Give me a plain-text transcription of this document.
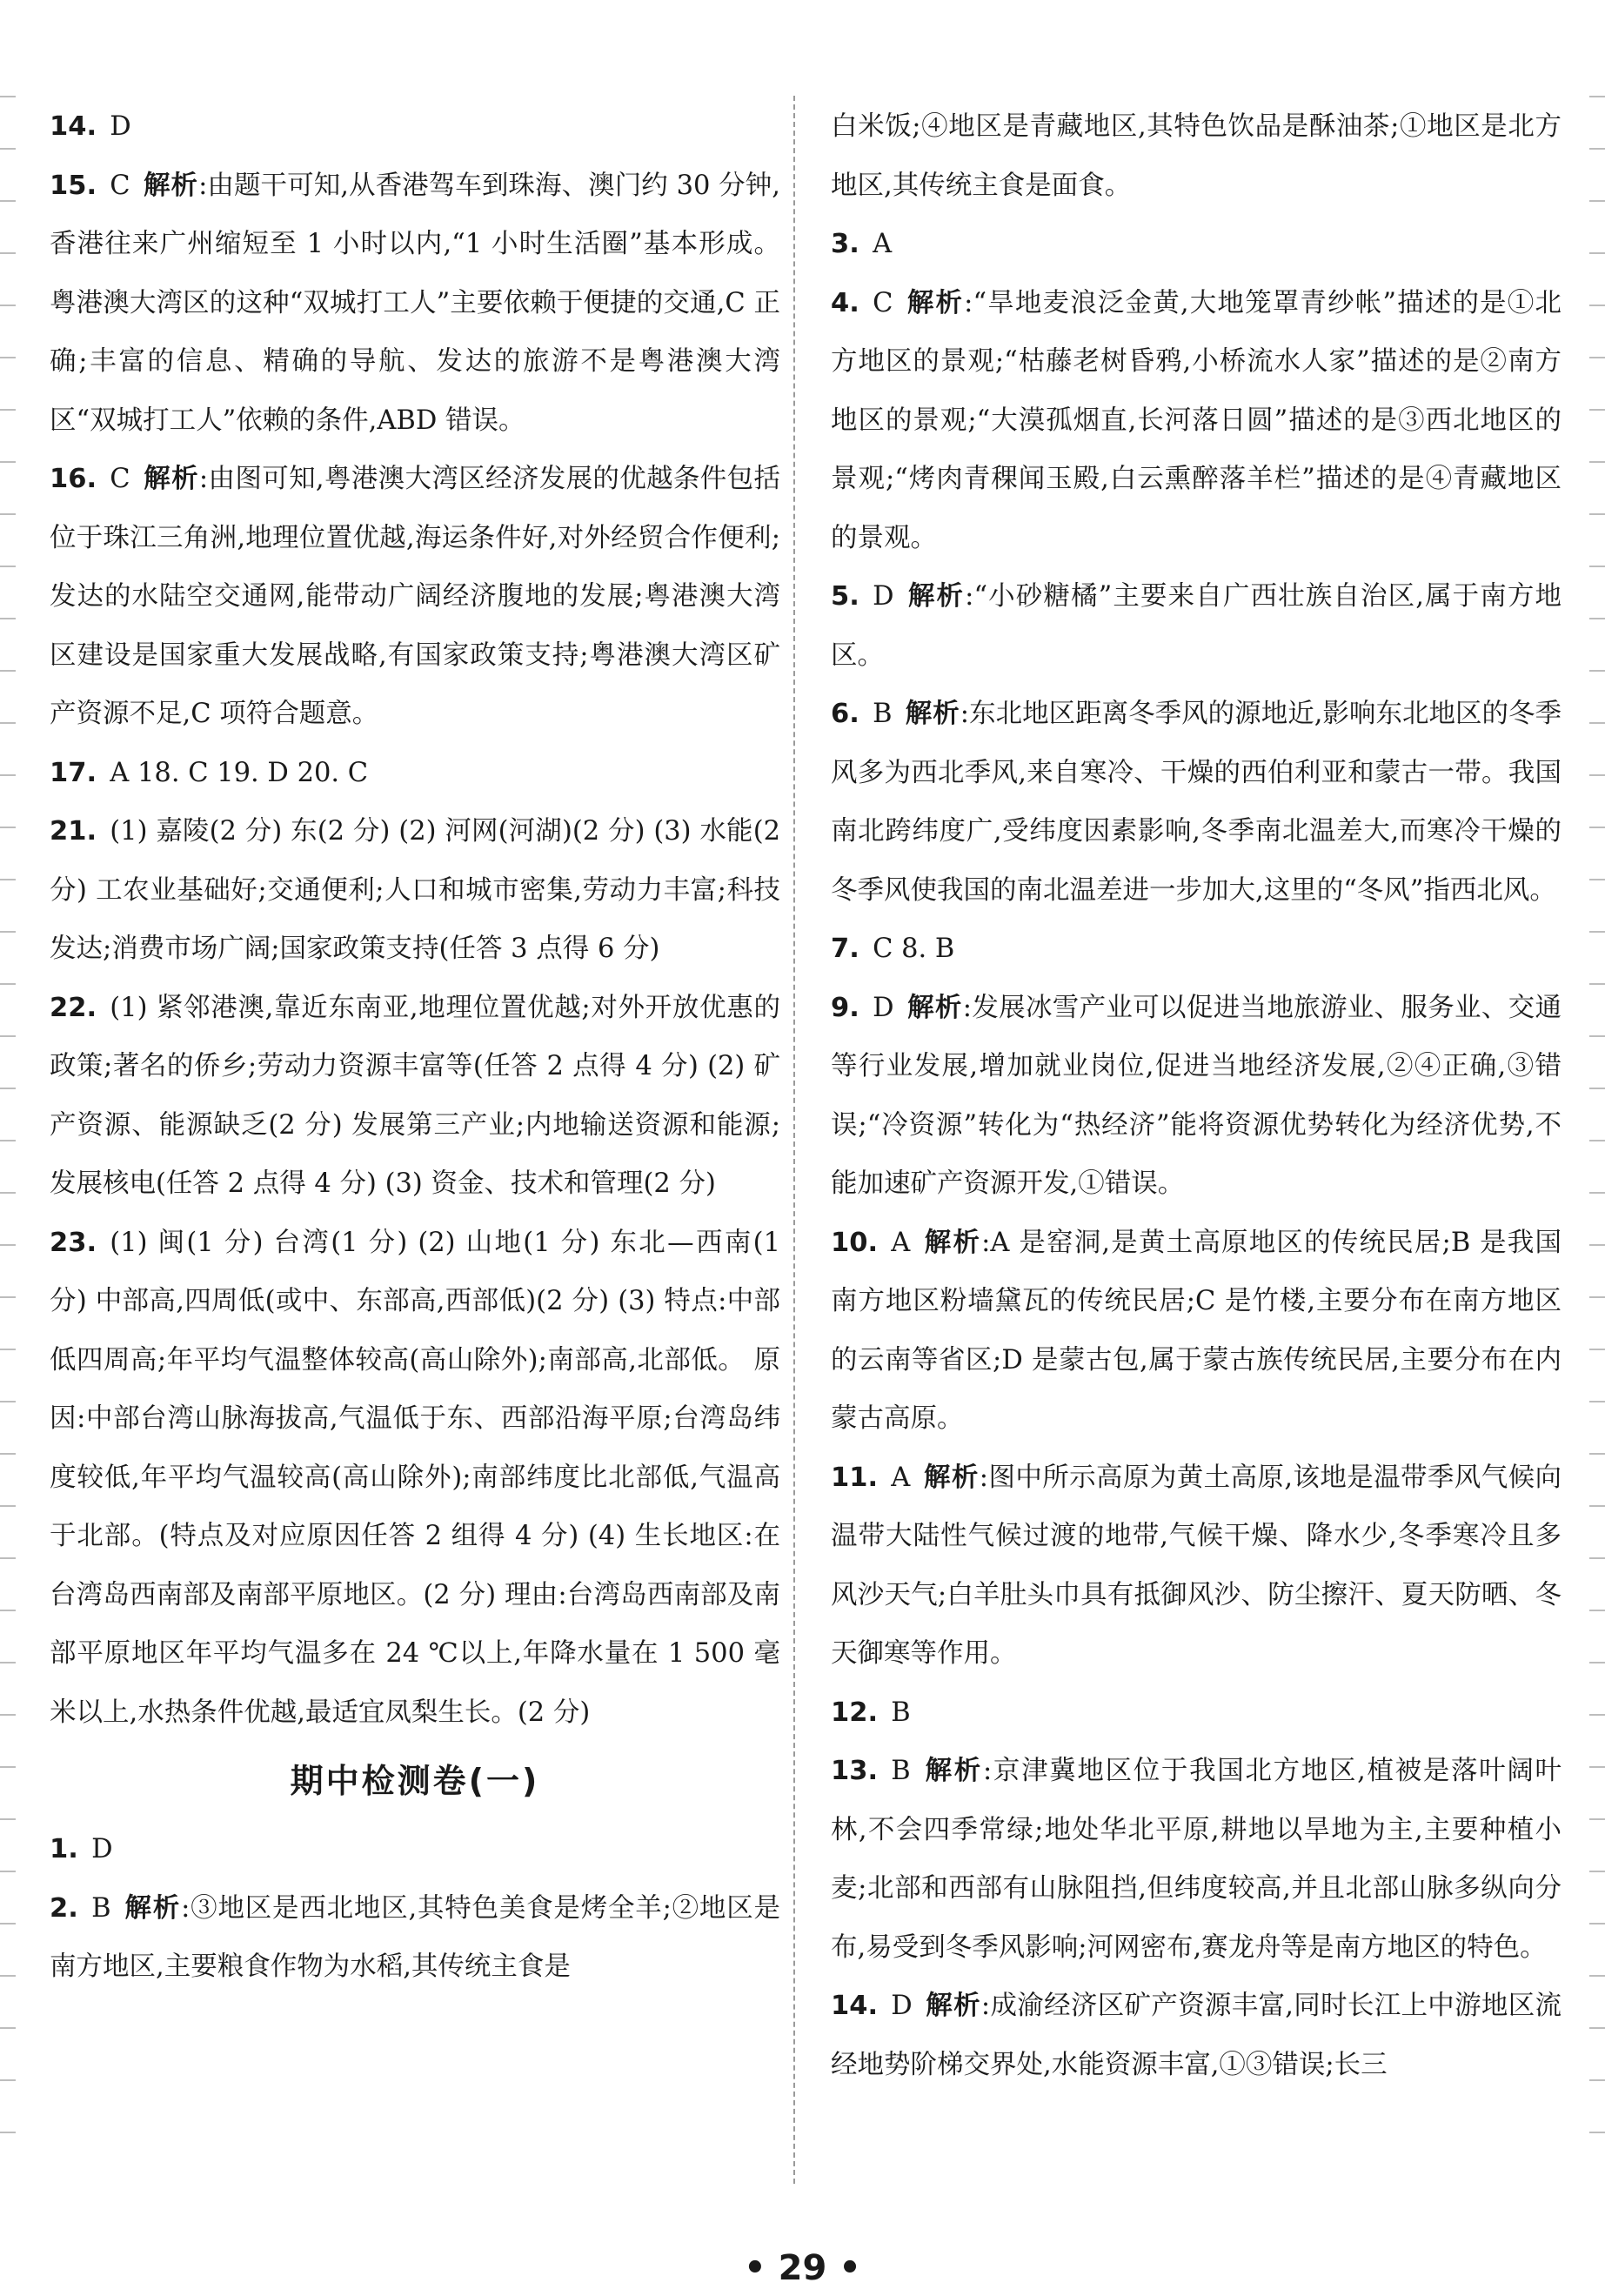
14.  D 

15.  C  解析:由题干可知,从香港驾车到珠海、澳门约 30 分钟,香港往来广州缩短至 1 小时以内,“1 小时生活圈”基本形成。粤港澳大湾区的这种“双城打工人”主要依赖于便捷的交通,C 正确;丰富的信息、精确的导航、发达的旅游不是粤港澳大湾区“双城打工人”依赖的条件,ABD 错误。

16.  C  解析:由图可知,粤港澳大湾区经济发展的优越条件包括位于珠江三角洲,地理位置优越,海运条件好,对外经贸合作便利;发达的水陆空交通网,能带动广阔经济腹地的发展;粤港澳大湾区建设是国家重大发展战略,有国家政策支持;粤港澳大湾区矿产资源不足,C 项符合题意。

17.  A 18. C 19. D 20. C 

21.  (1) 嘉陵(2 分) 东(2 分) (2) 河网(河湖)(2 分) (3) 水能(2 分) 工农业基础好;交通便利;人口和城市密集,劳动力丰富;科技发达;消费市场广阔;国家政策支持(任答 3 点得 6 分)

22.  (1) 紧邻港澳,靠近东南亚,地理位置优越;对外开放优惠的政策;著名的侨乡;劳动力资源丰富等(任答 2 点得 4 分) (2) 矿产资源、能源缺乏(2 分) 发展第三产业;内地输送资源和能源;发展核电(任答 2 点得 4 分) (3) 资金、技术和管理(2 分)

23.  (1) 闽(1 分) 台湾(1 分) (2) 山地(1 分) 东北—西南(1 分) 中部高,四周低(或中、东部高,西部低)(2 分) (3) 特点:中部低四周高;年平均气温整体较高(高山除外);南部高,北部低。 原因:中部台湾山脉海拔高,气温低于东、西部沿海平原;台湾岛纬度较低,年平均气温较高(高山除外);南部纬度比北部低,气温高于北部。(特点及对应原因任答 2 组得 4 分) (4) 生长地区:在台湾岛西南部及南部平原地区。(2 分) 理由:台湾岛西南部及南部平原地区年平均气温多在 24 ℃以上,年降水量在 1 500 毫米以上,水热条件优越,最适宜凤梨生长。(2 分)

期中检测卷(一)

1.  D 

2.  B  解析:③地区是西北地区,其特色美食是烤全羊;②地区是南方地区,主要粮食作物为水稻,其传统主食是

白米饭;④地区是青藏地区,其特色饮品是酥油茶;①地区是北方地区,其传统主食是面食。

3.  A 

4.  C  解析:“旱地麦浪泛金黄,大地笼罩青纱帐”描述的是①北方地区的景观;“枯藤老树昏鸦,小桥流水人家”描述的是②南方地区的景观;“大漠孤烟直,长河落日圆”描述的是③西北地区的景观;“烤肉青稞闻玉殿,白云熏醉落羊栏”描述的是④青藏地区的景观。

5.  D  解析:“小砂糖橘”主要来自广西壮族自治区,属于南方地区。

6.  B  解析:东北地区距离冬季风的源地近,影响东北地区的冬季风多为西北季风,来自寒冷、干燥的西伯利亚和蒙古一带。我国南北跨纬度广,受纬度因素影响,冬季南北温差大,而寒冷干燥的冬季风使我国的南北温差进一步加大,这里的“冬风”指西北风。

7.  C 8. B 

9.  D  解析:发展冰雪产业可以促进当地旅游业、服务业、交通等行业发展,增加就业岗位,促进当地经济发展,②④正确,③错误;“冷资源”转化为“热经济”能将资源优势转化为经济优势,不能加速矿产资源开发,①错误。

10.  A  解析:A 是窑洞,是黄土高原地区的传统民居;B 是我国南方地区粉墙黛瓦的传统民居;C 是竹楼,主要分布在南方地区的云南等省区;D 是蒙古包,属于蒙古族传统民居,主要分布在内蒙古高原。

11.  A  解析:图中所示高原为黄土高原,该地是温带季风气候向温带大陆性气候过渡的地带,气候干燥、降水少,冬季寒冷且多风沙天气;白羊肚头巾具有抵御风沙、防尘擦汗、夏天防晒、冬天御寒等作用。

12.  B 

13.  B  解析:京津冀地区位于我国北方地区,植被是落叶阔叶林,不会四季常绿;地处华北平原,耕地以旱地为主,主要种植小麦;北部和西部有山脉阻挡,但纬度较高,并且北部山脉多纵向分布,易受到冬季风影响;河网密布,赛龙舟等是南方地区的特色。

14.  D  解析:成渝经济区矿产资源丰富,同时长江上中游地区流经地势阶梯交界处,水能资源丰富,①③错误;长三

• 29 •
